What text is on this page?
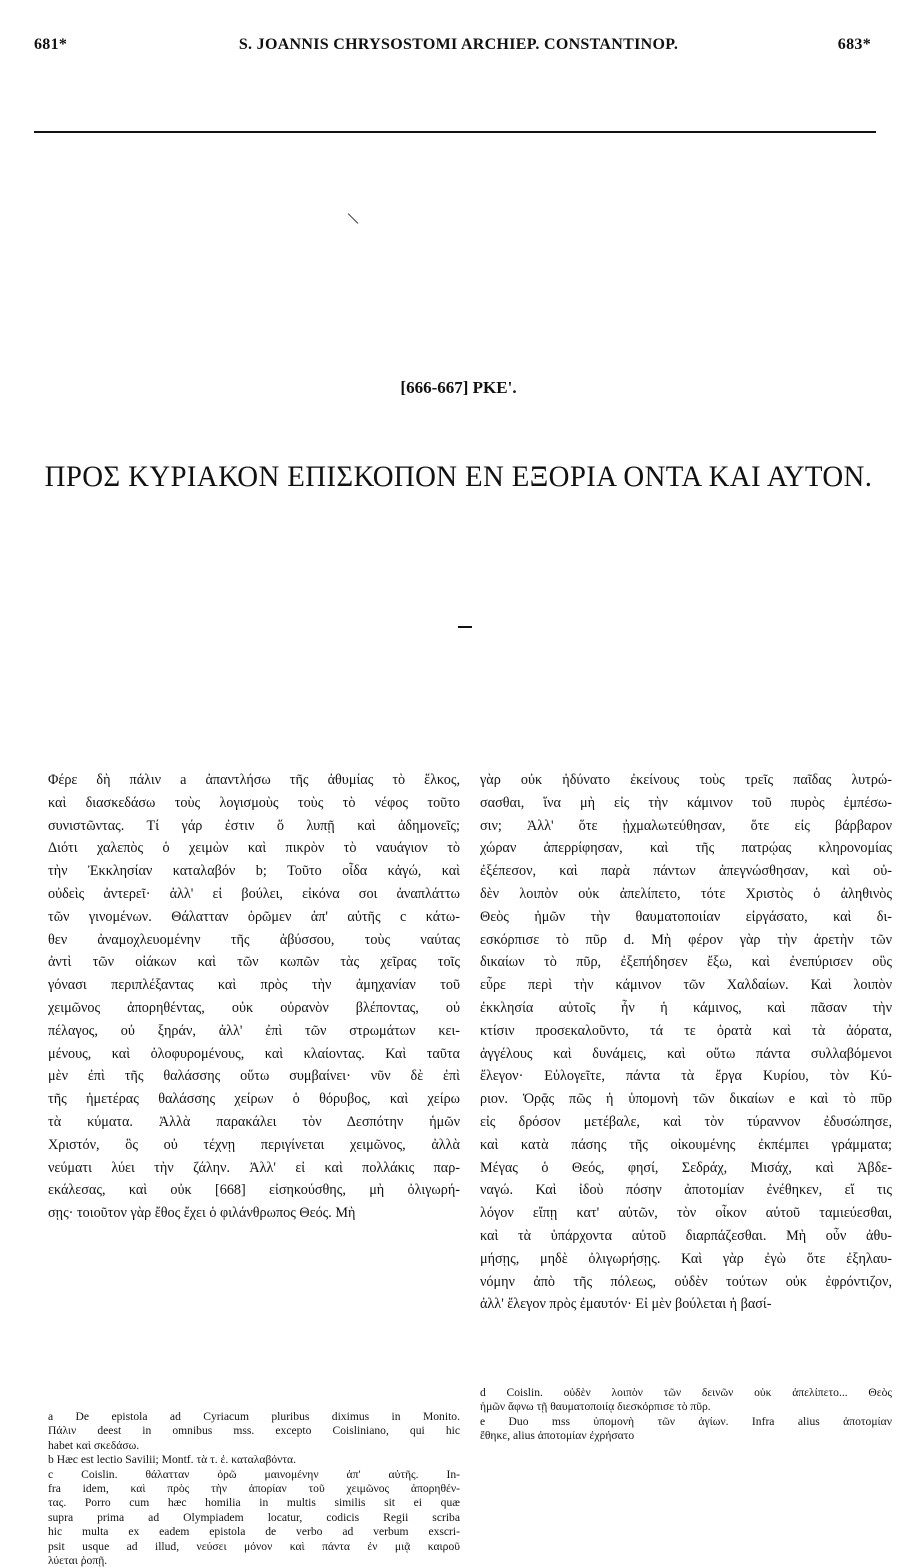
681*	S. JOANNIS CHRYSOSTOMI ARCHIEP. CONSTANTINOP.	683*
[666-667] ΡΚΕ'.
ΠΡΟΣ ΚΥΡΙΑΚΟΝ ΕΠΙΣΚΟΠΟΝ ΕΝ ΕΞΟΡΙΑ ΟΝΤΑ ΚΑΙ ΑΥΤΟΝ.
Φέρε δὴ πάλιν a ἀπαντλήσω τῆς ἀθυμίας τὸ ἕλκος,
καὶ διασκεδάσω τοὺς λογισμοὺς τοὺς τὸ νέφος τοῦτο
συνιστῶντας. Τί γάρ ἐστιν ὅ λυπῇ καὶ ἀδημονεῖς;
Διότι χαλεπὸς ὁ χειμὼν καὶ πικρὸν τὸ ναυάγιον τὸ
τὴν Ἐκκλησίαν καταλαβόν b; Τοῦτο οἶδα κἀγώ, καὶ
οὐδεὶς ἀντερεῖ· ἀλλ' εἰ βούλει, εἰκόνα σοι ἀναπλάττω
τῶν γινομένων. Θάλατταν ὁρῶμεν ἀπ' αὐτῆς c κάτω-
θεν ἀναμοχλευομένην τῆς ἀβύσσου, τοὺς ναύτας
ἀντὶ τῶν οἰάκων καὶ τῶν κωπῶν τὰς χεῖρας τοῖς
γόνασι περιπλέξαντας καὶ πρὸς τὴν ἀμηχανίαν τοῦ
χειμῶνος ἀπορηθέντας, οὐκ οὐρανὸν βλέποντας, οὐ
πέλαγος, οὐ ξηράν, ἀλλ' ἐπὶ τῶν στρωμάτων κει-
μένους, καὶ ὀλοφυρομένους, καὶ κλαίοντας. Καὶ ταῦτα
μὲν ἐπὶ τῆς θαλάσσης οὕτω συμβαίνει· νῦν δὲ ἐπὶ
τῆς ἡμετέρας θαλάσσης χείρων ὁ θόρυβος, καὶ χείρω
τὰ κύματα. Ἀλλὰ παρακάλει τὸν Δεσπότην ἡμῶν
Χριστόν, ὃς οὐ τέχνῃ περιγίνεται χειμῶνος, ἀλλὰ
νεύματι λύει τὴν ζάλην. Ἀλλ' εἰ καὶ πολλάκις παρ-
εκάλεσας, καὶ οὐκ [668] εἰσηκούσθης, μὴ ὀλιγωρή-
σῃς· τοιοῦτον γὰρ ἔθος ἔχει ὁ φιλάνθρωπος Θεός. Μὴ
γὰρ οὐκ ἠδύνατο ἐκείνους τοὺς τρεῖς παῖδας λυτρώ-
σασθαι, ἵνα μὴ εἰς τὴν κάμινον τοῦ πυρὸς ἐμπέσω-
σιν; Ἀλλ' ὅτε ᾐχμαλωτεύθησαν, ὅτε εἰς βάρβαρον
χώραν ἀπερρίφησαν, καὶ τῆς πατρῴας κληρονομίας
ἐξέπεσον, καὶ παρὰ πάντων ἀπεγνώσθησαν, καὶ οὐ-
δὲν λοιπὸν οὐκ ἀπελίπετο, τότε Χριστὸς ὁ ἀληθινὸς
Θεὸς ἡμῶν τὴν θαυματοποιίαν εἰργάσατο, καὶ δι-
εσκόρπισε τὸ πῦρ d. Μὴ φέρον γὰρ τὴν ἀρετὴν τῶν
δικαίων τὸ πῦρ, ἐξεπήδησεν ἔξω, καὶ ἐνεπύρισεν οὓς
εὗρε περὶ τὴν κάμινον τῶν Χαλδαίων. Καὶ λοιπὸν
ἐκκλησία αὐτοῖς ἦν ἡ κάμινος, καὶ πᾶσαν τὴν
κτίσιν προσεκαλοῦντο, τά τε ὁρατὰ καὶ τὰ ἀόρατα,
ἀγγέλους καὶ δυνάμεις, καὶ οὕτω πάντα συλλαβόμενοι
ἔλεγον· Εὐλογεῖτε, πάντα τὰ ἔργα Κυρίου, τὸν Κύ-
ριον. Ὁρᾷς πῶς ἡ ὑπομονὴ τῶν δικαίων e καὶ τὸ πῦρ
εἰς δρόσον μετέβαλε, καὶ τὸν τύραννον ἐδυσώπησε,
καὶ κατὰ πάσης τῆς οἰκουμένης ἐκπέμπει γράμματα;
Μέγας ὁ Θεός, φησί, Σεδράχ, Μισάχ, καὶ Ἀβδε-
ναγώ. Καὶ ἰδοὺ πόσην ἀποτομίαν ἐνέθηκεν, εἴ τις
λόγον εἴπῃ κατ' αὐτῶν, τὸν οἶκον αὐτοῦ ταμιεύεσθαι,
καὶ τὰ ὑπάρχοντα αὐτοῦ διαρπάζεσθαι. Μὴ οὖν ἀθυ-
μήσῃς, μηδὲ ὀλιγωρήσῃς. Καὶ γὰρ ἐγὼ ὅτε ἐξηλαυ-
νόμην ἀπὸ τῆς πόλεως, οὐδὲν τούτων οὐκ ἐφρόντιζον,
ἀλλ' ἔλεγον πρὸς ἐμαυτόν· Εἰ μὲν βούλεται ἡ βασί-
a De epistola ad Cyriacum pluribus diximus in Monito.
Πάλιν deest in omnibus mss. excepto Coisliniano, qui hic
habet καὶ σκεδάσω.
b Hæc est lectio Savilii; Montf. τὰ τ. ἐ. καταλαβόντα.
c Coislin. θάλατταν ὁρῶ μαινομένην ἀπ' αὐτῆς. In-
fra idem, καὶ πρὸς τὴν ἀπορίαν τοῦ χειμῶνος ἀπορηθέν-
τας. Porro cum hæc homilia in multis similis sit ei quæ
supra prima ad Olympiadem locatur, codicis Regii scriba
hic multa ex eadem epistola de verbo ad verbum exscri-
psit usque ad illud, νεύσει μόνον καὶ πάντα ἐν μιᾷ καιροῦ
λύεται ῥοπῇ.
d Coislin. οὐδὲν λοιπὸν τῶν δεινῶν οὐκ ἀπελίπετο... Θεὸς
ἡμῶν ἄφνω τῇ θαυματοποιίᾳ διεσκόρπισε τὸ πῦρ.
e Duo mss ὑπομονὴ τῶν ἁγίων. Infra alius ἀποτομίαν
ἔθηκε, alius ἀποτομίαν ἐχρήσατο
